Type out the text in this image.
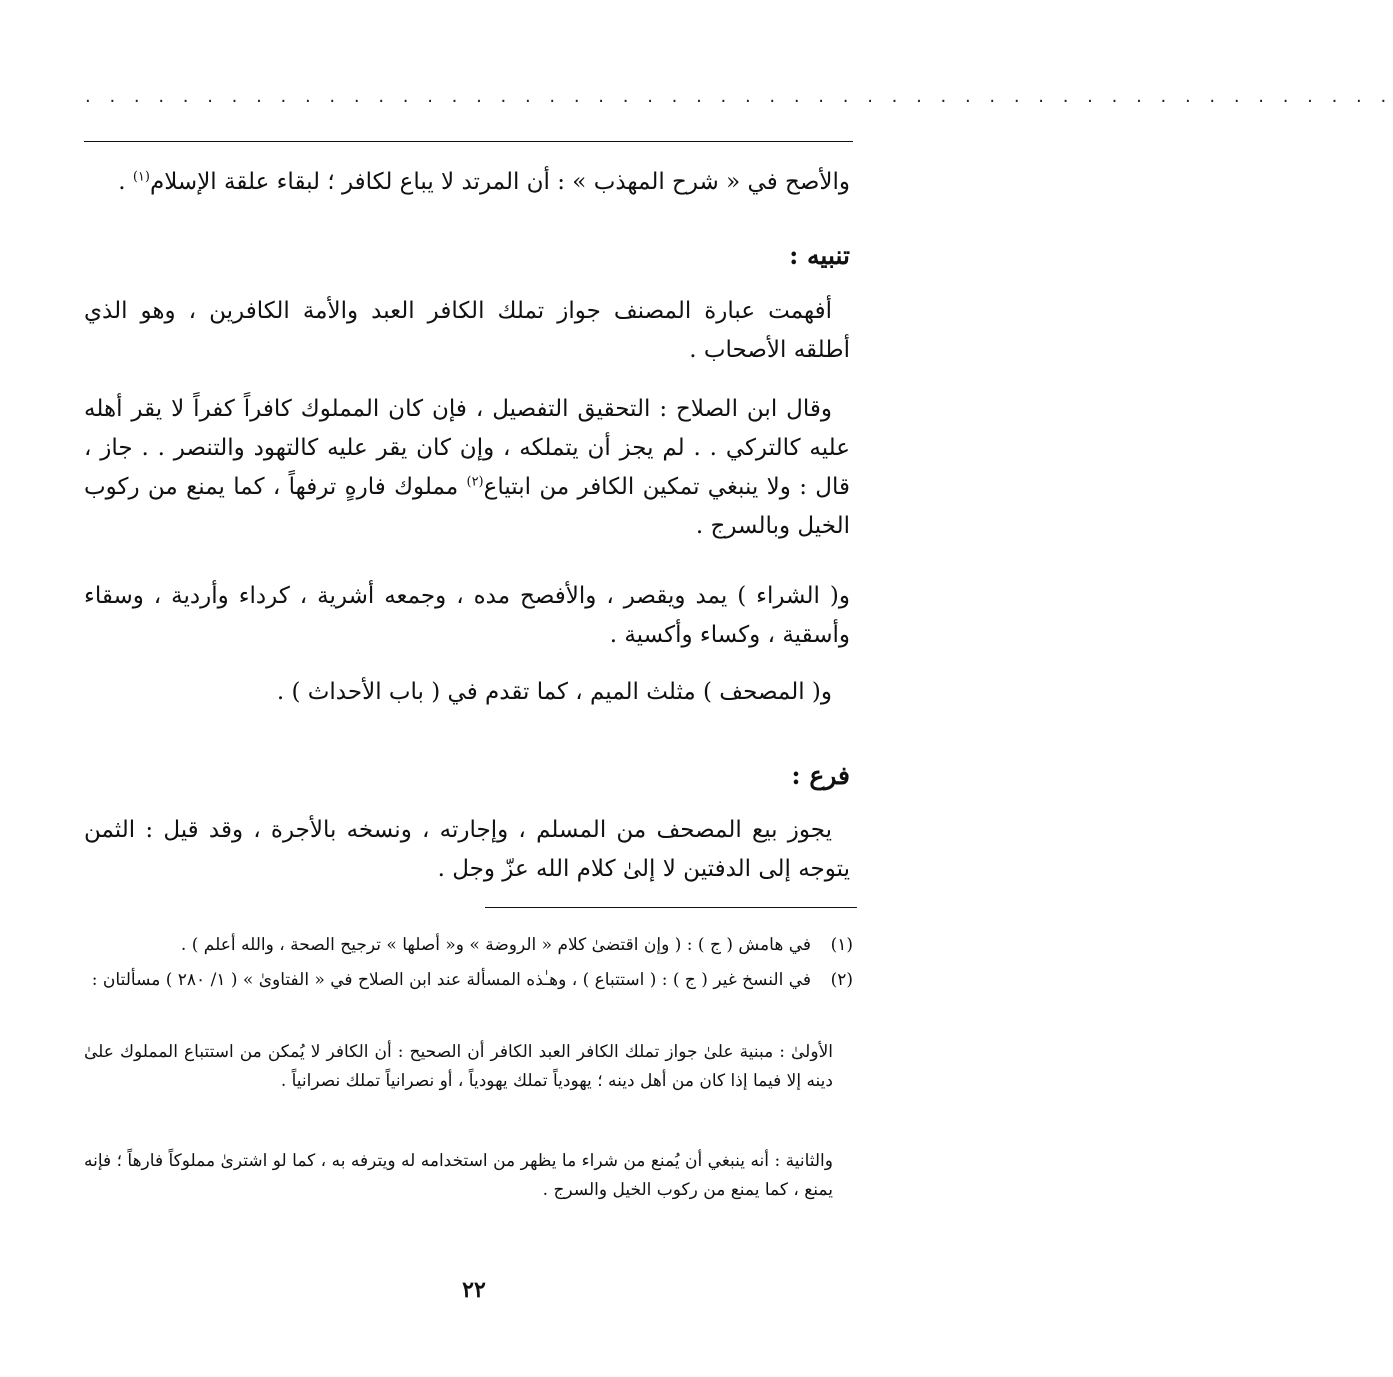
. . . . . . . . . . . . . . . . . . . . . . . . . . . . . . . . . . . . . . . . . . . . . . . . . . . . . .
والأصح في « شرح المهذب » : أن المرتد لا يباع لكافر ؛ لبقاء علقة الإسلام$^{(١)}$ .
تنبيه :
أفهمت عبارة المصنف جواز تملك الكافر العبد والأمة الكافرين ، وهو الذي أطلقه الأصحاب .
وقال ابن الصلاح : التحقيق التفصيل ، فإن كان المملوك كافراً كفراً لا يقر أهله عليه كالتركي . . لم يجز أن يتملكه ، وإن كان يقر عليه كالتهود والتنصر . . جاز ، قال : ولا ينبغي تمكين الكافر من ابتياع$^{(٢)}$ مملوك فارهٍ ترفهاً ، كما يمنع من ركوب الخيل وبالسرج .
و( الشراء ) يمد ويقصر ، والأفصح مده ، وجمعه أشرية ، كرداء وأردية ، وسقاء وأسقية ، وكساء وأكسية .
و( المصحف ) مثلث الميم ، كما تقدم في ( باب الأحداث ) .
فرع :
يجوز بيع المصحف من المسلم ، وإجارته ، ونسخه بالأجرة ، وقد قيل : الثمن يتوجه إلى الدفتين لا إلىٰ كلام الله عزّ وجل .
(١)
في هامش ( ج ) : ( وإن اقتضىٰ كلام « الروضة » و« أصلها » ترجيح الصحة ، والله أعلم ) .
(٢)
في النسخ غير ( ج ) : ( استتباع ) ، وهـٰذه المسألة عند ابن الصلاح في « الفتاوىٰ » ( ١/ ٢٨٠ ) مسألتان :
الأولىٰ : مبنية علىٰ جواز تملك الكافر العبد الكافر أن الصحيح : أن الكافر لا يُمكن من استتباع المملوك علىٰ دينه إلا فيما إذا كان من أهل دينه ؛ يهودياً تملك يهودياً ، أو نصرانياً تملك نصرانياً .
والثانية : أنه ينبغي أن يُمنع من شراء ما يظهر من استخدامه له ويترفه به ، كما لو اشترىٰ مملوكاً فارهاً ؛ فإنه يمنع ، كما يمنع من ركوب الخيل والسرج .
٢٢
